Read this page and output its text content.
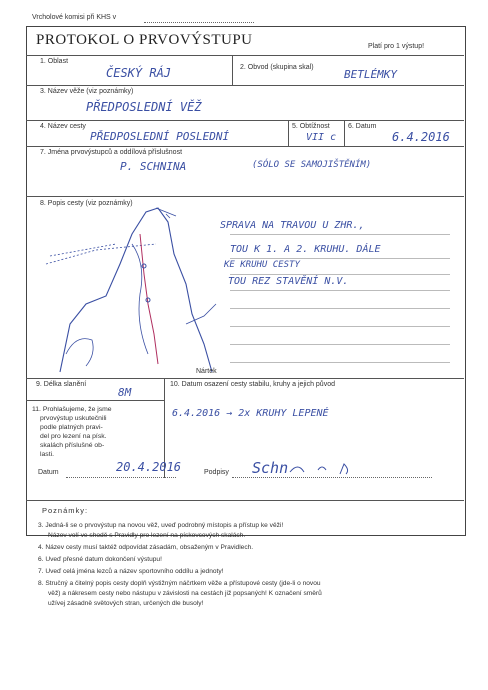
Vrcholové komisi při KHS v
PROTOKOL O PRVOVÝSTUPU	Platí pro 1 výstup!
1. Oblast
ČESKÝ RÁJ	2. Obvod (skupina skal)
BETLÉMKY
3. Název věže (viz poznámky)
PŘEDPOSLEDNÍ VĚŽ
4. Název cesty
PŘEDPOSLEDNÍ POSLEDNÍ
5. Obtížnost
VII c
6. Datum
6.4.2016
7. Jména prvovýstupců a oddílová příslušnost
P. SCHNINA	(SÓLO SE SAMOJIŠTĚNÍM)
8. Popis cesty (viz poznámky)
SPRAVA NA TRAVOU U ZHR.,
TOU K 1. A 2. KRUHU. DÁLE
KE KRUHU CESTY
TOU REZ STAVĚNÍ N.V.
Nártek
9. Délka slanění
8M
10. Datum osazení cesty stabilu, kruhy a jejich původ
6.4.2016 → 2x KRUHY LEPENÉ
11. Prohlašujeme, že jsme
prvovýstup uskutečnili
podle platných pravi-
del pro lezení na písk.
skalách příslušné ob-
lasti.
Datum	20.4.2016	Podpisy Schn
Poznámky:
3. Jedná-li se o prvovýstup na novou věž, uveď podrobný místopis a přístup ke věži!
Název volí ve shodě s Pravidly pro lezení na pískovcových skalách.
4. Název cesty musí taktéž odpovídat zásadám, obsaženým v Pravidlech.
6. Uveď přesné datum dokončení výstupu!
7. Uveď celá jména lezců a název sportovního oddílu a jednoty!
8. Stručný a čitelný popis cesty doplň výstižným náčrtkem věže a přístupové cesty (jde-li o novou
věž) a nákresem cesty nebo nástupu v závislosti na cestách již popsaných! K označení směrů
užívej zásadně světových stran, určených dle busoly!
